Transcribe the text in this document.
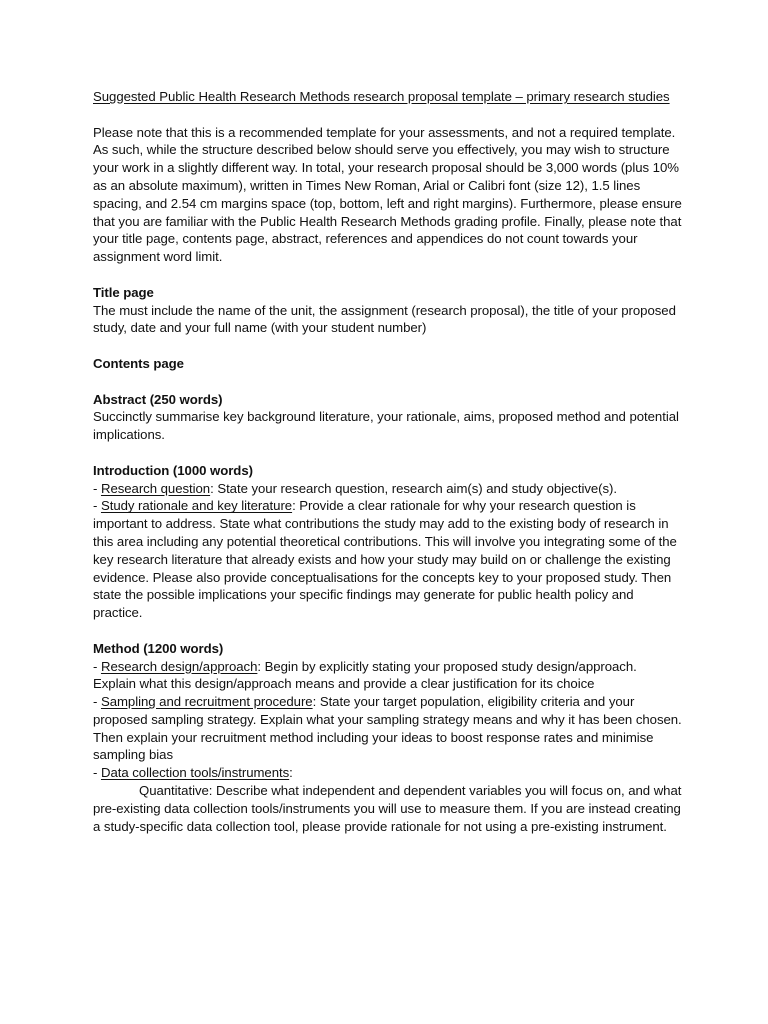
Suggested Public Health Research Methods research proposal template – primary research studies

Please note that this is a recommended template for your assessments, and not a required template. As such, while the structure described below should serve you effectively, you may wish to structure your work in a slightly different way. In total, your research proposal should be 3,000 words (plus 10% as an absolute maximum), written in Times New Roman, Arial or Calibri font (size 12), 1.5 lines spacing, and 2.54 cm margins space (top, bottom, left and right margins). Furthermore, please ensure that you are familiar with the Public Health Research Methods grading profile. Finally, please note that your title page, contents page, abstract, references and appendices do not count towards your assignment word limit.

Title page
The must include the name of the unit, the assignment (research proposal), the title of your proposed study, date and your full name (with your student number)
Contents page
Abstract (250 words)
Succinctly summarise key background literature, your rationale, aims, proposed method and potential implications.
Introduction (1000 words)
- Research question: State your research question, research aim(s) and study objective(s).
- Study rationale and key literature: Provide a clear rationale for why your research question is important to address. State what contributions the study may add to the existing body of research in this area including any potential theoretical contributions. This will involve you integrating some of the key research literature that already exists and how your study may build on or challenge the existing evidence. Please also provide conceptualisations for the concepts key to your proposed study. Then state the possible implications your specific findings may generate for public health policy and practice.
Method (1200 words)
- Research design/approach: Begin by explicitly stating your proposed study design/approach. Explain what this design/approach means and provide a clear justification for its choice
- Sampling and recruitment procedure: State your target population, eligibility criteria and your proposed sampling strategy. Explain what your sampling strategy means and why it has been chosen. Then explain your recruitment method including your ideas to boost response rates and minimise sampling bias
- Data collection tools/instruments:
Quantitative: Describe what independent and dependent variables you will focus on, and what pre-existing data collection tools/instruments you will use to measure them. If you are instead creating a study-specific data collection tool, please provide rationale for not using a pre-existing instrument.
